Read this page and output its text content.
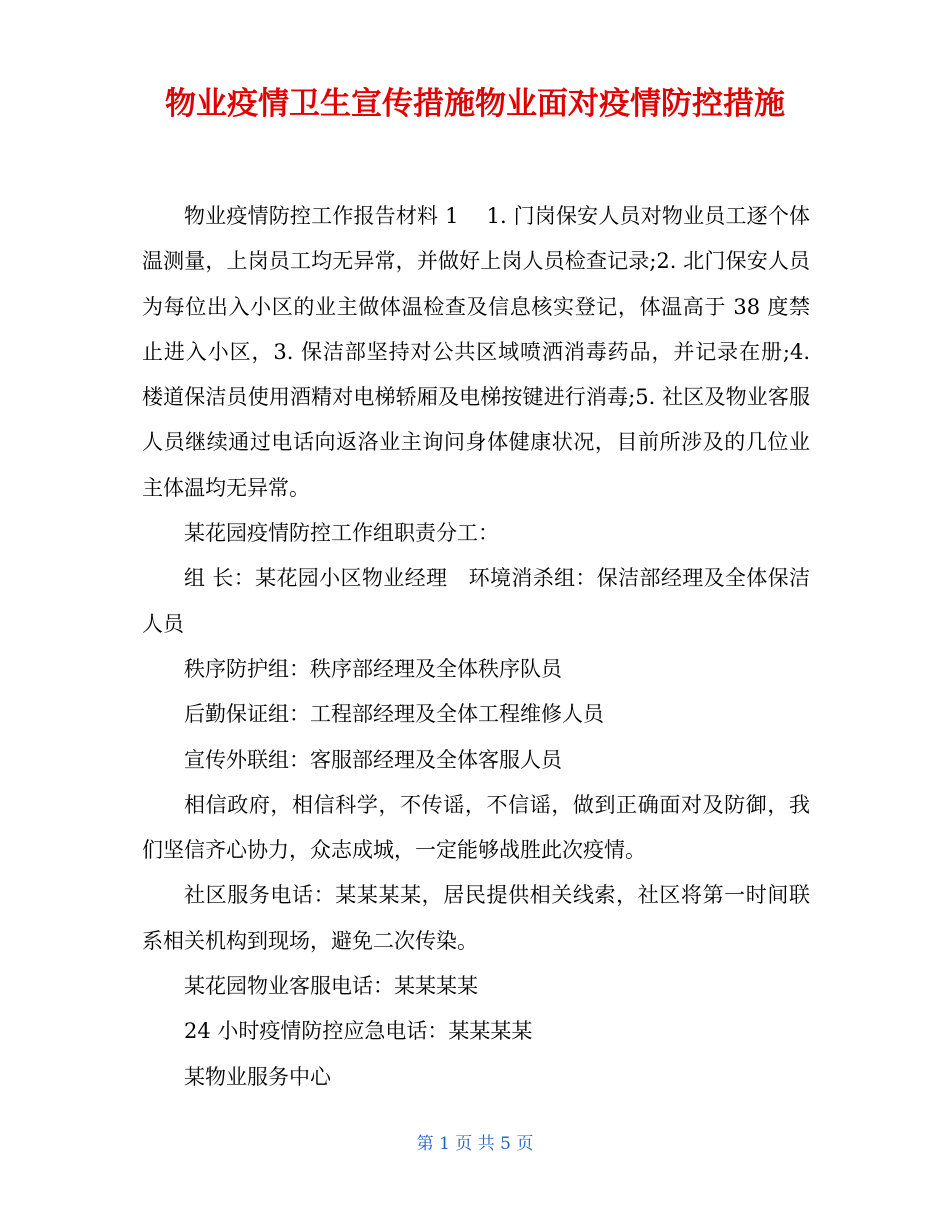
物业疫情卫生宣传措施物业面对疫情防控措施

物业疫情防控工作报告材料 1　 1. 门岗保安人员对物业员工逐个体温测量，上岗员工均无异常，并做好上岗人员检查记录;2. 北门保安人员为每位出入小区的业主做体温检查及信息核实登记，体温高于 38 度禁止进入小区，3. 保洁部坚持对公共区域喷洒消毒药品，并记录在册;4. 楼道保洁员使用酒精对电梯轿厢及电梯按键进行消毒;5. 社区及物业客服人员继续通过电话向返洛业主询问身体健康状况，目前所涉及的几位业主体温均无异常。

某花园疫情防控工作组职责分工：

组 长：某花园小区物业经理　环境消杀组：保洁部经理及全体保洁人员

秩序防护组：秩序部经理及全体秩序队员

后勤保证组：工程部经理及全体工程维修人员

宣传外联组：客服部经理及全体客服人员

相信政府，相信科学，不传谣，不信谣，做到正确面对及防御，我们坚信齐心协力，众志成城，一定能够战胜此次疫情。

社区服务电话：某某某某，居民提供相关线索，社区将第一时间联系相关机构到现场，避免二次传染。

某花园物业客服电话：某某某某

24 小时疫情防控应急电话：某某某某

某物业服务中心

第 1 页 共 5 页
